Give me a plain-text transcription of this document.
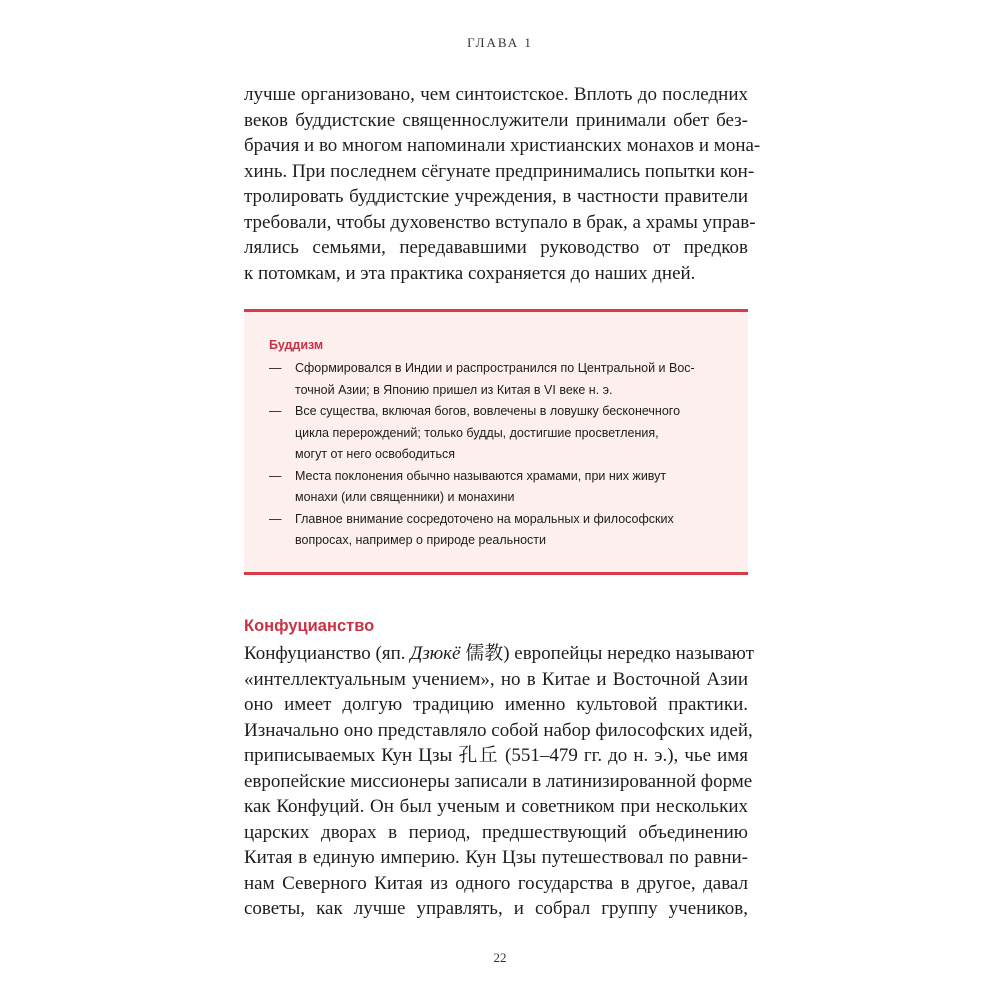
ГЛАВА 1

лучше организовано, чем синтоистское. Вплоть до последних
веков буддистские священнослужители принимали обет без-
брачия и во многом напоминали христианских монахов и мона-
хинь. При последнем сёгунате предпринимались попытки кон-
тролировать буддистские учреждения, в частности правители
требовали, чтобы духовенство вступало в брак, а храмы управ-
лялись семьями, передававшими руководство от предков
к потомкам, и эта практика сохраняется до наших дней.

Буддизм

—	Сформировался в Индии и распространился по Центральной и Вос-
точной Азии; в Японию пришел из Китая в VI веке н. э.
—	Все существа, включая богов, вовлечены в ловушку бесконечного
цикла перерождений; только будды, достигшие просветления,
могут от него освободиться
—	Места поклонения обычно называются храмами, при них живут
монахи (или священники) и монахини
—	Главное внимание сосредоточено на моральных и философских
вопросах, например о природе реальности
Конфуцианство

Конфуцианство (яп. Дзюкё 儒教) европейцы нередко называют
«интеллектуальным учением», но в Китае и Восточной Азии
оно имеет долгую традицию именно культовой практики.
Изначально оно представляло собой набор философских идей,
приписываемых Кун Цзы 孔丘 (551–479 гг. до н. э.), чье имя
европейские миссионеры записали в латинизированной форме
как Конфуций. Он был ученым и советником при нескольких
царских дворах в период, предшествующий объединению
Китая в единую империю. Кун Цзы путешествовал по равни-
нам Северного Китая из одного государства в другое, давал
советы, как лучше управлять, и собрал группу учеников,

22
